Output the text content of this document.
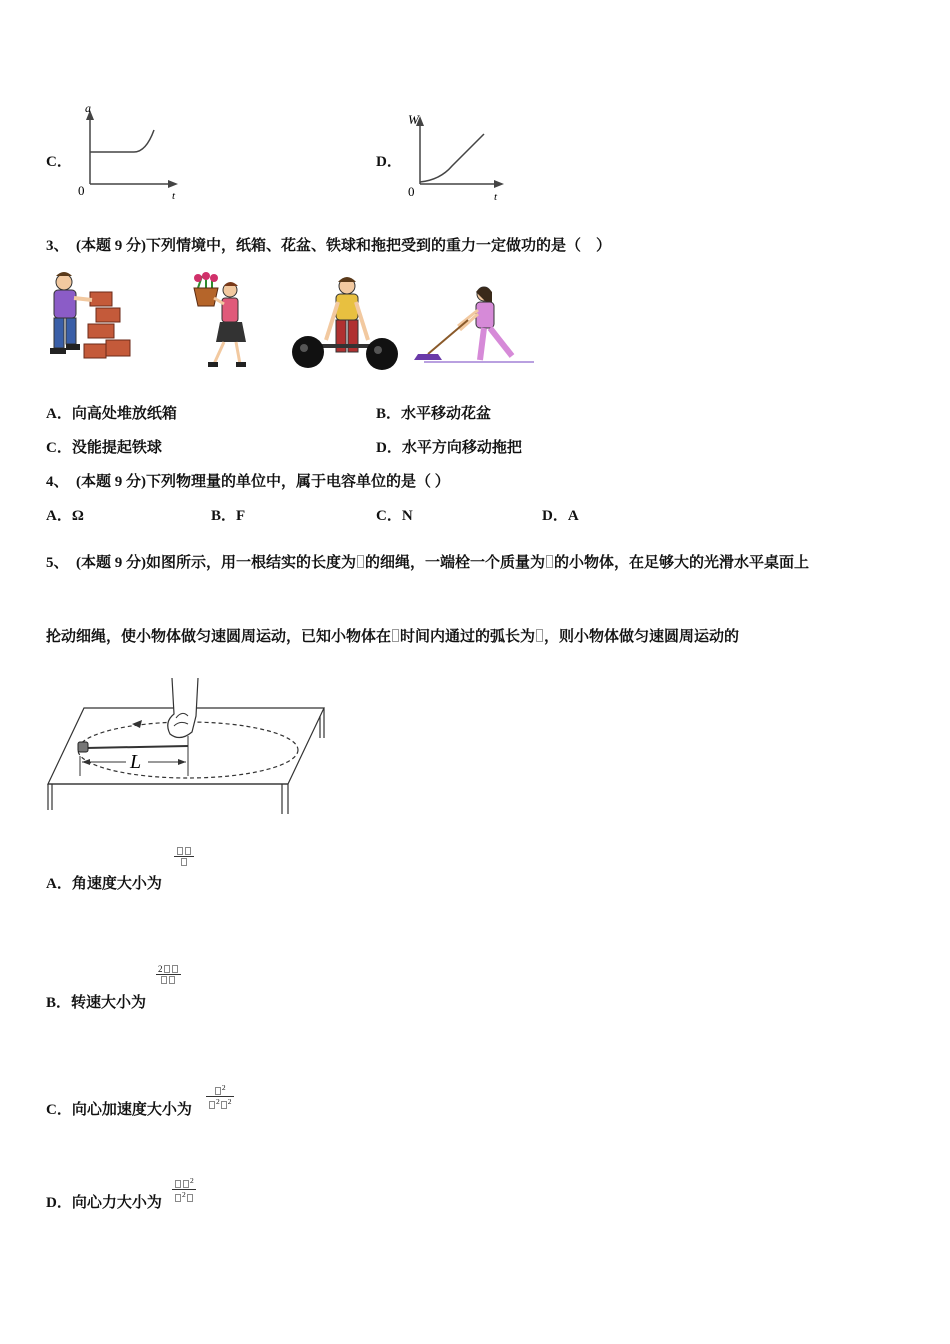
C．
a
0	t
D．
W
0	t
3、 (本题 9 分)下列情境中，纸箱、花盆、铁球和拖把受到的重力一定做功的是（　）
A．向高处堆放纸箱	B．水平移动花盆
C．没能提起铁球	D．水平方向移动拖把
4、 (本题 9 分)下列物理量的单位中，属于电容单位的是（ ）
A．Ω	B．F	C．N	D．A
5、 (本题 9 分)如图所示，用一根结实的长度为 的细绳，一端栓一个质量为 的小物体，在足够大的光滑水平桌面上
抡动细绳，使小物体做匀速圆周运动，已知小物体在 时间内通过的弧长为 ，则小物体做匀速圆周运动的
L
A．角速度大小为
2
B．转速大小为
$\frac{^2}{^2 ^2}$
C．向心加速度大小为
$\frac{^2}{^2}$
D．向心力大小为
